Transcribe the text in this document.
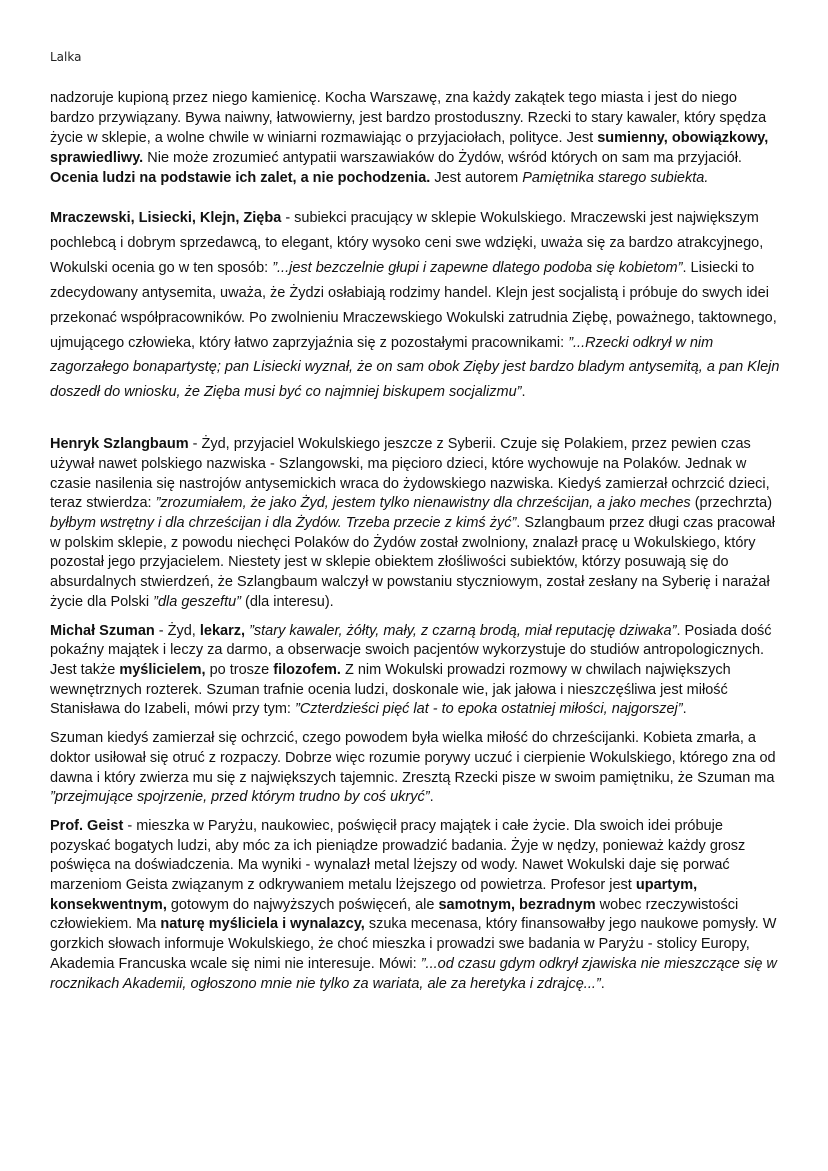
Lalka

nadzoruje kupioną przez niego kamienicę. Kocha Warszawę, zna każdy zakątek tego miasta i jest do niego bardzo przywiązany. Bywa naiwny, łatwowierny, jest bardzo prostoduszny. Rzecki to stary kawaler, który spędza życie w sklepie, a wolne chwile w winiarni rozmawiając o przyjaciołach, polityce. Jest sumienny, obowiązkowy, sprawiedliwy. Nie może zrozumieć antypatii warszawiaków do Żydów, wśród których on sam ma przyjaciół. Ocenia ludzi na podstawie ich zalet, a nie pochodzenia. Jest autorem Pamiętnika starego subiekta.

Mraczewski, Lisiecki, Klejn, Zięba - subiekci pracujący w sklepie Wokulskiego. Mraczewski jest największym pochlebcą i dobrym sprzedawcą, to elegant, który wysoko ceni swe wdzięki, uważa się za bardzo atrakcyjnego, Wokulski ocenia go w ten sposób: ”...jest bezczelnie głupi i zapewne dlatego podoba się kobietom”. Lisiecki to zdecydowany antysemita, uważa, że Żydzi osłabiają rodzimy handel. Klejn jest socjalistą i próbuje do swych idei przekonać współpracowników. Po zwolnieniu Mraczewskiego Wokulski zatrudnia Ziębę, poważnego, taktownego, ujmującego człowieka, który łatwo zaprzyjaźnia się z pozostałymi pracownikami: ”...Rzecki odkrył w nim zagorzałego bonapartystę; pan Lisiecki wyznał, że on sam obok Zięby jest bardzo bladym antysemitą, a pan Klejn doszedł do wniosku, że Zięba musi być co najmniej biskupem socjalizmu”.

Henryk Szlangbaum - Żyd, przyjaciel Wokulskiego jeszcze z Syberii. Czuje się Polakiem, przez pewien czas używał nawet polskiego nazwiska - Szlangowski, ma pięcioro dzieci, które wychowuje na Polaków. Jednak w czasie nasilenia się nastrojów antysemickich wraca do żydowskiego nazwiska. Kiedyś zamierzał ochrzcić dzieci, teraz stwierdza: ”zrozumiałem, że jako Żyd, jestem tylko nienawistny dla chrześcijan, a jako meches (przechrzta) byłbym wstrętny i dla chrześcijan i dla Żydów. Trzeba przecie z kimś żyć”. Szlangbaum przez długi czas pracował w polskim sklepie, z powodu niechęci Polaków do Żydów został zwolniony, znalazł pracę u Wokulskiego, który pozostał jego przyjacielem. Niestety jest w sklepie obiektem złośliwości subiektów, którzy posuwają się do absurdalnych stwierdzeń, że Szlangbaum walczył w powstaniu styczniowym, został zesłany na Syberię i narażał życie dla Polski ”dla geszeftu” (dla interesu).

Michał Szuman - Żyd, lekarz, ”stary kawaler, żółty, mały, z czarną brodą, miał reputację dziwaka”. Posiada dość pokaźny majątek i leczy za darmo, a obserwacje swoich pacjentów wykorzystuje do studiów antropologicznych. Jest także myślicielem, po trosze filozofem. Z nim Wokulski prowadzi rozmowy w chwilach największych wewnętrznych rozterek. Szuman trafnie ocenia ludzi, doskonale wie, jak jałowa i nieszczęśliwa jest miłość Stanisława do Izabeli, mówi przy tym: ”Czterdzieści pięć lat - to epoka ostatniej miłości, najgorszej”.

Szuman kiedyś zamierzał się ochrzcić, czego powodem była wielka miłość do chrześcijanki. Kobieta zmarła, a doktor usiłował się otruć z rozpaczy. Dobrze więc rozumie porywy uczuć i cierpienie Wokulskiego, którego zna od dawna i który zwierza mu się z największych tajemnic. Zresztą Rzecki pisze w swoim pamiętniku, że Szuman ma ”przejmujące spojrzenie, przed którym trudno by coś ukryć”.

Prof. Geist - mieszka w Paryżu, naukowiec, poświęcił pracy majątek i całe życie. Dla swoich idei próbuje pozyskać bogatych ludzi, aby móc za ich pieniądze prowadzić badania. Żyje w nędzy, ponieważ każdy grosz poświęca na doświadczenia. Ma wyniki - wynalazł metal lżejszy od wody. Nawet Wokulski daje się porwać marzeniom Geista związanym z odkrywaniem metalu lżejszego od powietrza. Profesor jest upartym, konsekwentnym, gotowym do najwyższych poświęceń, ale samotnym, bezradnym wobec rzeczywistości człowiekiem. Ma naturę myśliciela i wynalazcy, szuka mecenasa, który finansowałby jego naukowe pomysły. W gorzkich słowach informuje Wokulskiego, że choć mieszka i prowadzi swe badania w Paryżu - stolicy Europy, Akademia Francuska wcale się nimi nie interesuje. Mówi: ”...od czasu gdym odkrył zjawiska nie mieszczące się w rocznikach Akademii, ogłoszono mnie nie tylko za wariata, ale za heretyka i zdrajcę...”.
